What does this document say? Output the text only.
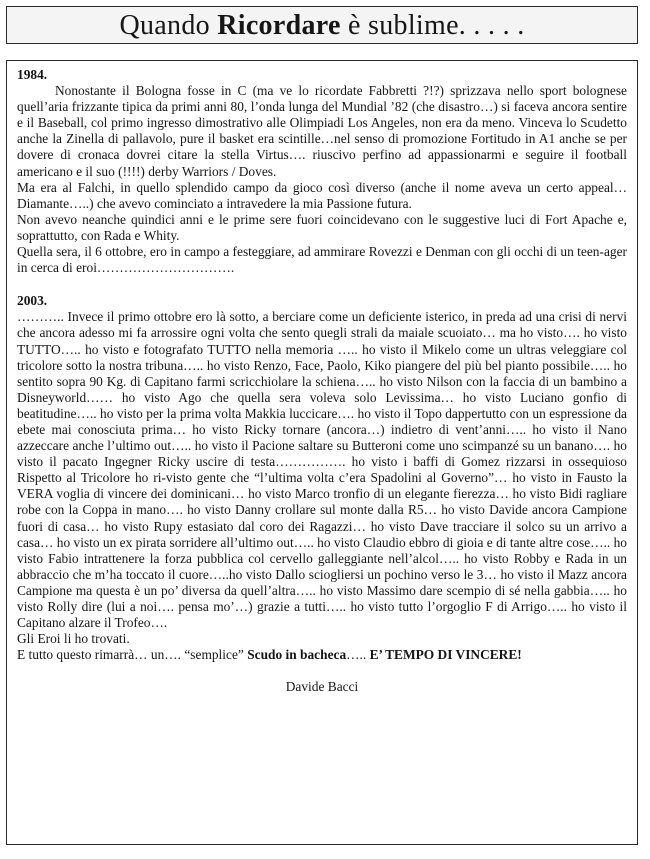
Quando Ricordare è sublime. . . . .

1984.

Nonostante il Bologna fosse in C (ma ve lo ricordate Fabbretti ?!?) sprizzava nello sport bolognese quell’aria frizzante tipica da primi anni 80, l’onda lunga del Mundial ’82 (che disastro…) si faceva ancora sentire e il Baseball, col primo ingresso dimostrativo alle Olimpiadi Los Angeles, non era da meno. Vinceva lo Scudetto anche la Zinella di pallavolo, pure il basket era scintille…nel senso di promozione Fortitudo in A1 anche se per dovere di cronaca dovrei citare la stella Virtus…. riuscivo perfino ad appassionarmi e seguire il football americano e il suo (!!!!) derby Warriors / Doves.

Ma era al Falchi, in quello splendido campo da gioco così diverso (anche il nome aveva un certo appeal…Diamante…..) che avevo cominciato a intravedere la mia Passione futura.

Non avevo neanche quindici anni e le prime sere fuori coincidevano con le suggestive luci di Fort Apache e, soprattutto, con Rada e Whity.

Quella sera, il 6 ottobre, ero in campo a festeggiare, ad ammirare Rovezzi e Denman con gli occhi di un teen-ager in cerca di eroi………………………….

2003.

……….. Invece il primo ottobre ero là sotto, a berciare come un deficiente isterico, in preda ad una crisi di nervi che ancora adesso mi fa arrossire ogni volta che sento quegli strali da maiale scuoiato… ma ho visto…. ho visto TUTTO….. ho visto e fotografato TUTTO nella memoria ….. ho visto il Mikelo come un ultras veleggiare col tricolore sotto la nostra tribuna….. ho visto Renzo, Face, Paolo, Kiko piangere del più bel pianto possibile….. ho sentito sopra 90 Kg. di Capitano farmi scricchiolare la schiena….. ho visto Nilson con la faccia di un bambino a Disneyworld…… ho visto Ago che quella sera voleva solo Levissima… ho visto Luciano gonfio di beatitudine….. ho visto per la prima volta Makkia luccicare…. ho visto il Topo dappertutto con un espressione da ebete mai conosciuta prima… ho visto Ricky tornare (ancora…) indietro di vent’anni….. ho visto il Nano azzeccare anche l’ultimo out….. ho visto il Pacione saltare su Butteroni come uno scimpanzé su un banano…. ho visto il pacato Ingegner Ricky uscire di testa……………. ho visto i baffi di Gomez rizzarsi in ossequioso Rispetto al Tricolore ho ri-visto gente che “l’ultima volta c’era Spadolini al Governo”… ho visto in Fausto la VERA voglia di vincere dei dominicani… ho visto Marco tronfio di un elegante fierezza… ho visto Bidi ragliare robe con la Coppa in mano…. ho visto Danny crollare sul monte dalla R5… ho visto Davide ancora Campione fuori di casa… ho visto Rupy estasiato dal coro dei Ragazzi… ho visto Dave tracciare il solco su un arrivo a casa… ho visto un ex pirata sorridere all’ultimo out….. ho visto Claudio ebbro di gioia e di tante altre cose….. ho visto Fabio intrattenere la forza pubblica col cervello galleggiante nell’alcol….. ho visto Robby e Rada in un abbraccio che m’ha toccato il cuore…..ho visto Dallo sciogliersi un pochino verso le 3… ho visto il Mazz ancora Campione ma questa è un po’ diversa da quell’altra….. ho visto Massimo dare scempio di sé nella gabbia….. ho visto Rolly dire (lui a noi…. pensa mo’…) grazie a tutti….. ho visto tutto l’orgoglio F di Arrigo….. ho visto il Capitano alzare il Trofeo….

Gli Eroi li ho trovati.

E tutto questo rimarrà… un…. “semplice” Scudo in bacheca….. E’ TEMPO DI VINCERE!

Davide Bacci
